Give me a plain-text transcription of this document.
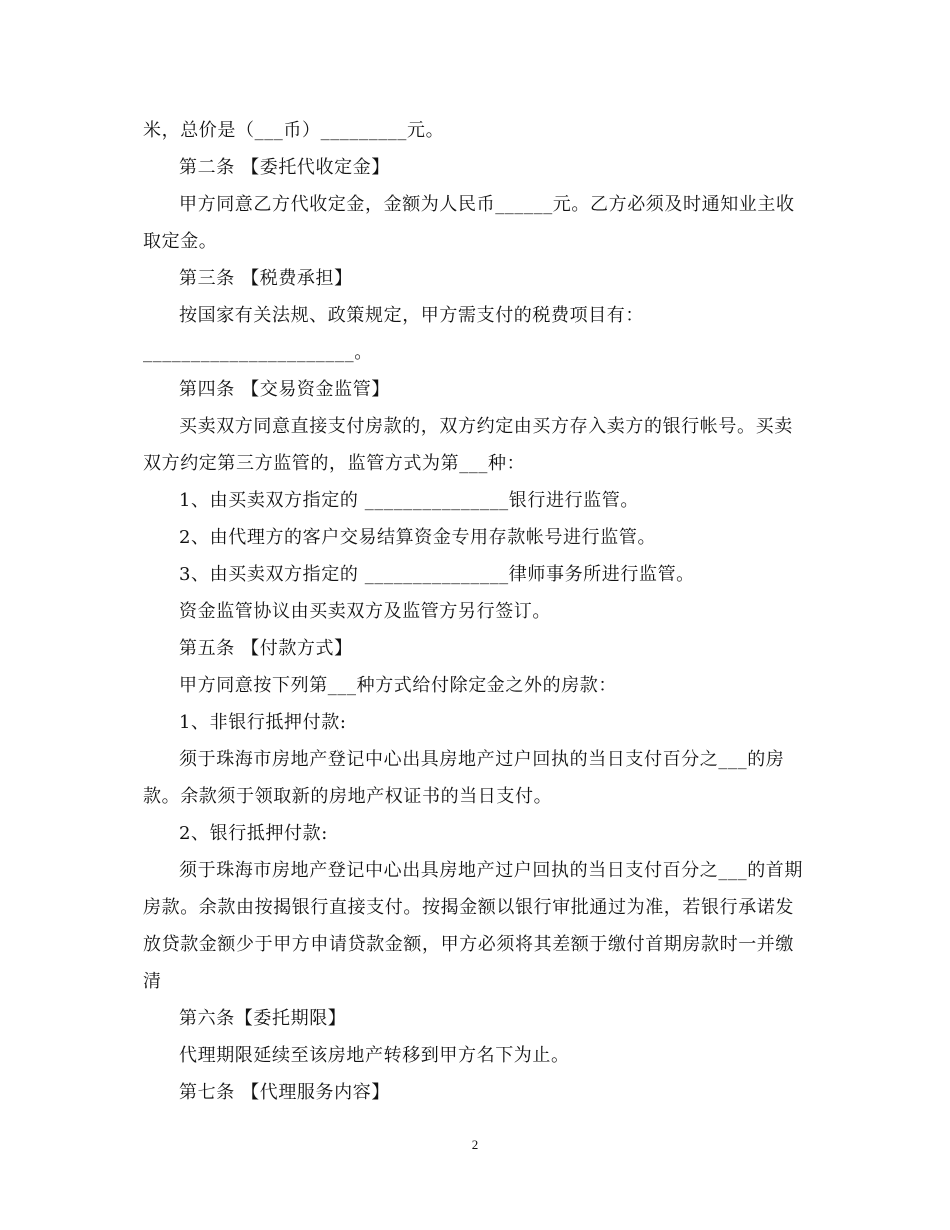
米，总价是（___币）_________元。
第二条 【委托代收定金】
甲方同意乙方代收定金，金额为人民币______元。乙方必须及时通知业主收
取定金。
第三条 【税费承担】
按国家有关法规、政策规定，甲方需支付的税费项目有：
______________________。
第四条 【交易资金监管】
买卖双方同意直接支付房款的，双方约定由买方存入卖方的银行帐号。买卖
双方约定第三方监管的，监管方式为第___种：
1、由买卖双方指定的 _______________银行进行监管。
2、由代理方的客户交易结算资金专用存款帐号进行监管。
3、由买卖双方指定的 _______________律师事务所进行监管。
资金监管协议由买卖双方及监管方另行签订。
第五条 【付款方式】
甲方同意按下列第___种方式给付除定金之外的房款：
1、非银行抵押付款:
须于珠海市房地产登记中心出具房地产过户回执的当日支付百分之___的房
款。余款须于领取新的房地产权证书的当日支付。
2、银行抵押付款:
须于珠海市房地产登记中心出具房地产过户回执的当日支付百分之___的首期
房款。余款由按揭银行直接支付。按揭金额以银行审批通过为准，若银行承诺发
放贷款金额少于甲方申请贷款金额，甲方必须将其差额于缴付首期房款时一并缴
清
第六条【委托期限】
代理期限延续至该房地产转移到甲方名下为止。
第七条 【代理服务内容】
2
